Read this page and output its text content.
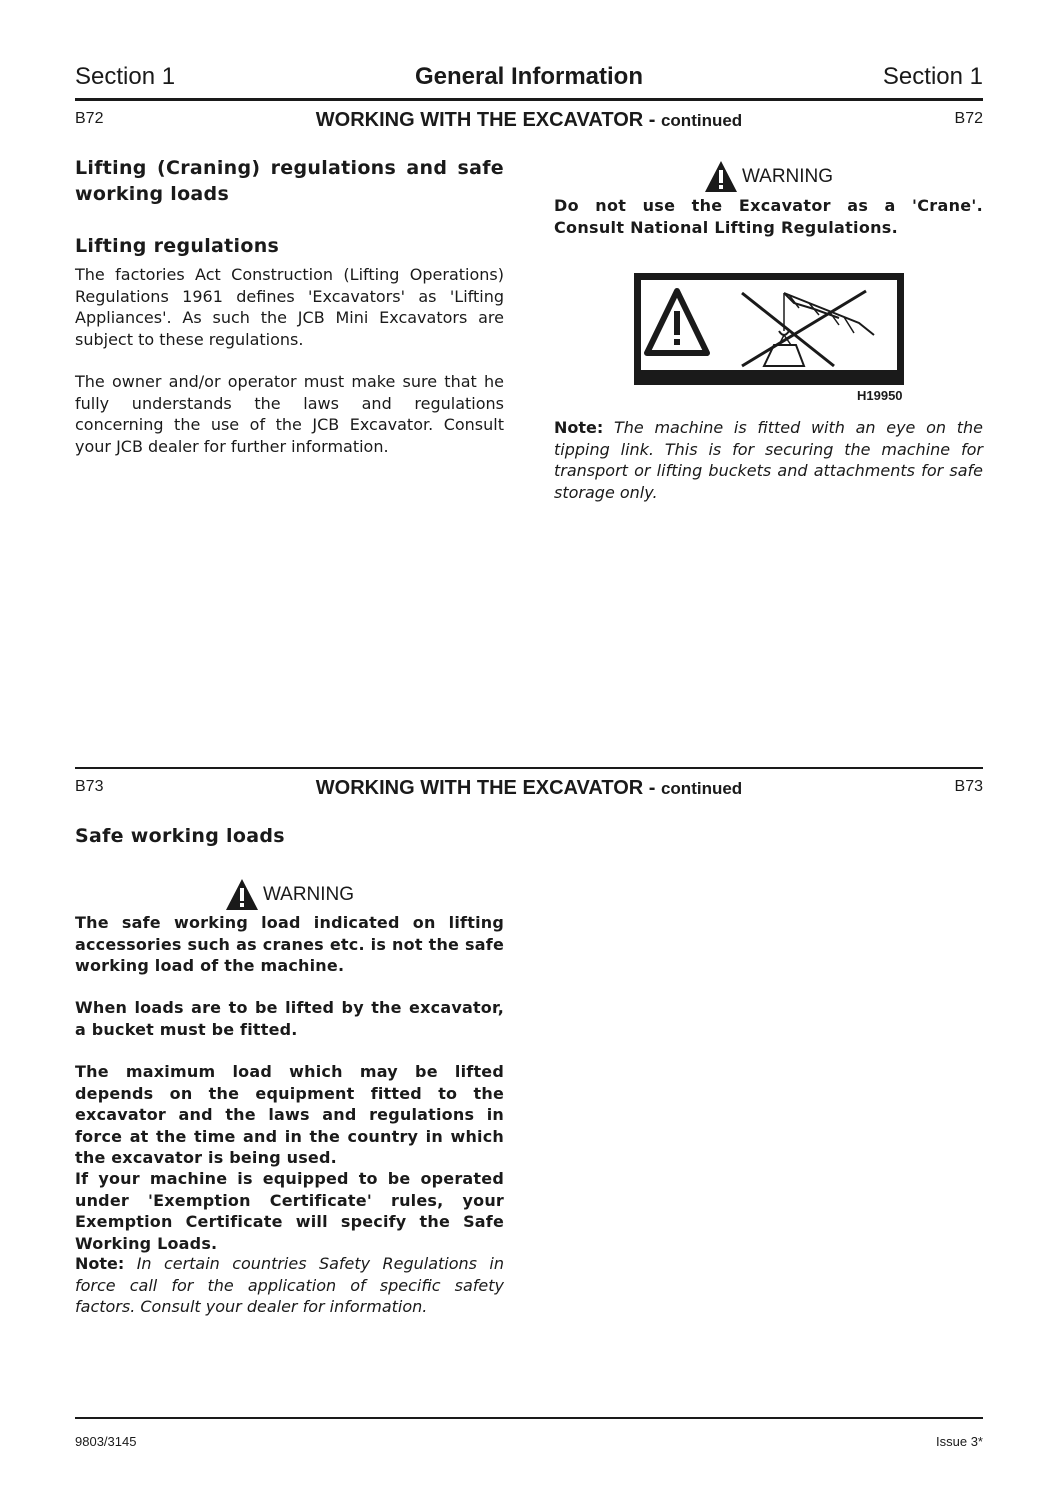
Section 1	General Information	Section 1
B72	B72
WORKING WITH THE EXCAVATOR - continued
Lifting (Craning) regulations and safe working loads
Lifting regulations
The factories Act Construction (Lifting Operations) Regulations 1961 defines 'Excavators' as 'Lifting Appliances'. As such the JCB Mini Excavators are subject to these regulations.
The owner and/or operator must make sure that he fully understands the laws and regulations concerning the use of the JCB Excavator. Consult your JCB dealer for further information.
WARNING
Do not use the Excavator as a 'Crane'. Consult National Lifting Regulations.
H19950
Note: The machine is fitted with an eye on the tipping link. This is for securing the machine for transport or lifting buckets and attachments for safe storage only.
B73	B73
WORKING WITH THE EXCAVATOR - continued
Safe working loads
WARNING
The safe working load indicated on lifting accessories such as cranes etc. is not the safe working load of the machine.
When loads are to be lifted by the excavator, a bucket must be fitted.
The maximum load which may be lifted depends on the equipment fitted to the excavator and the laws and regulations in force at the time and in the country in which the excavator is being used.
If your machine is equipped to be operated under 'Exemption Certificate' rules, your Exemption Certificate will specify the Safe Working Loads.
Note: In certain countries Safety Regulations in force call for the application of specific safety factors. Consult your dealer for information.
9803/3145	Issue 3*
